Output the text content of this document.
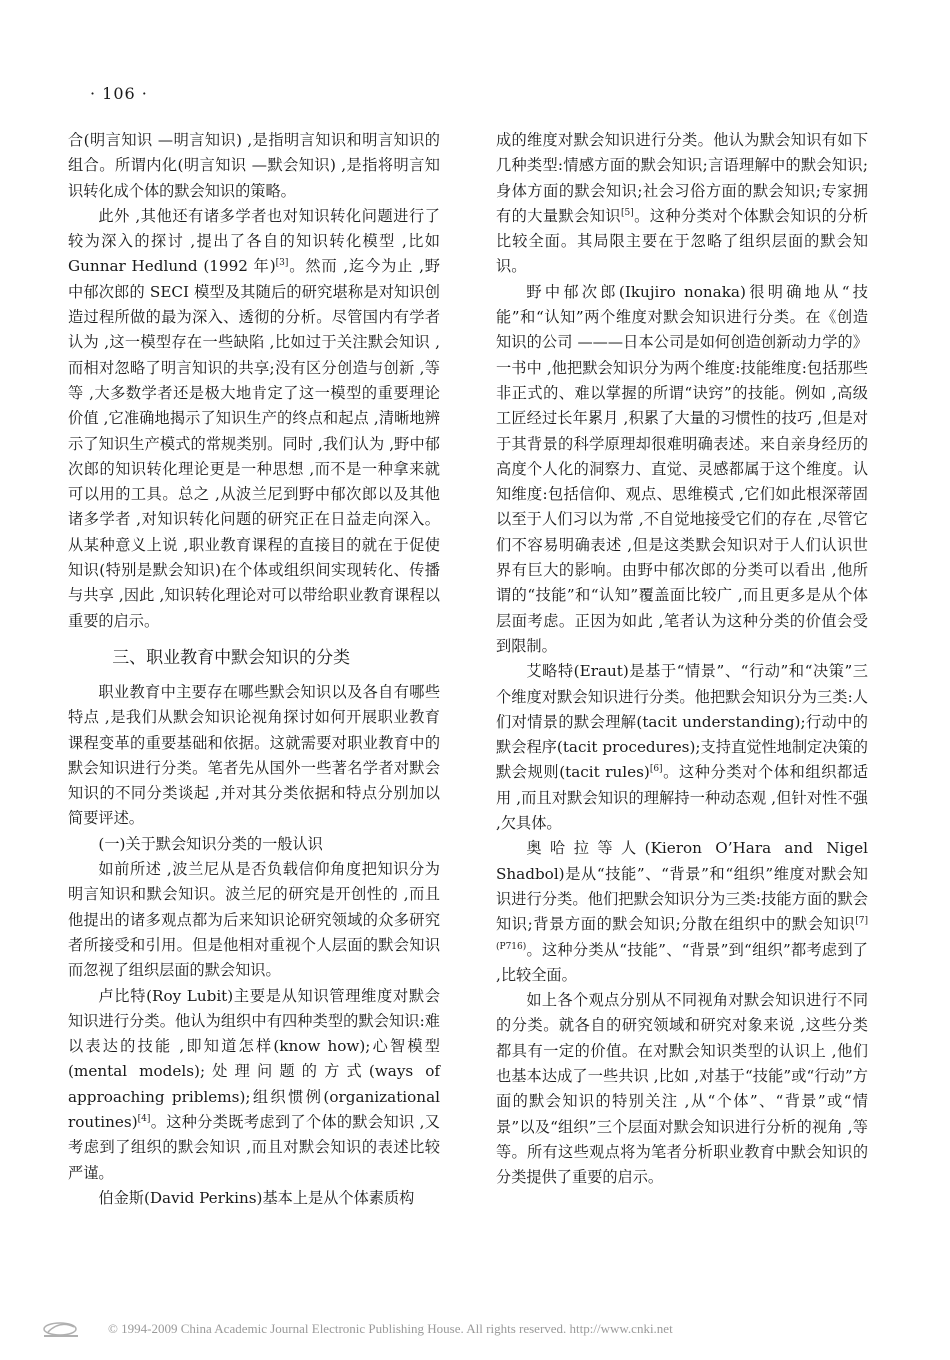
· 106 ·

合(明言知识 —明言知识) ,是指明言知识和明言知识的组合。所谓内化(明言知识 —默会知识) ,是指将明言知识转化成个体的默会知识的策略。

此外 ,其他还有诸多学者也对知识转化问题进行了较为深入的探讨 ,提出了各自的知识转化模型 ,比如 Gunnar Hedlund (1992 年)[3]。然而 ,迄今为止 ,野中郁次郎的 SECI 模型及其随后的研究堪称是对知识创造过程所做的最为深入、透彻的分析。尽管国内有学者认为 ,这一模型存在一些缺陷 ,比如过于关注默会知识 ,而相对忽略了明言知识的共享;没有区分创造与创新 ,等等 ,大多数学者还是极大地肯定了这一模型的重要理论价值 ,它准确地揭示了知识生产的终点和起点 ,清晰地辨示了知识生产模式的常规类别。同时 ,我们认为 ,野中郁次郎的知识转化理论更是一种思想 ,而不是一种拿来就可以用的工具。总之 ,从波兰尼到野中郁次郎以及其他诸多学者 ,对知识转化问题的研究正在日益走向深入。从某种意义上说 ,职业教育课程的直接目的就在于促使知识(特别是默会知识)在个体或组织间实现转化、传播与共享 ,因此 ,知识转化理论对可以带给职业教育课程以重要的启示。

三、职业教育中默会知识的分类

职业教育中主要存在哪些默会知识以及各自有哪些特点 ,是我们从默会知识论视角探讨如何开展职业教育课程变革的重要基础和依据。这就需要对职业教育中的默会知识进行分类。笔者先从国外一些著名学者对默会知识的不同分类谈起 ,并对其分类依据和特点分别加以简要评述。

(一)关于默会知识分类的一般认识

如前所述 ,波兰尼从是否负载信仰角度把知识分为明言知识和默会知识。波兰尼的研究是开创性的 ,而且他提出的诸多观点都为后来知识论研究领域的众多研究者所接受和引用。但是他相对重视个人层面的默会知识而忽视了组织层面的默会知识。

卢比特(Roy Lubit)主要是从知识管理维度对默会知识进行分类。他认为组织中有四种类型的默会知识:难以表达的技能 ,即知道怎样(know how);心智模型(mental models);处理问题的方式(ways of approaching priblems);组织惯例(organizational routines)[4]。这种分类既考虑到了个体的默会知识 ,又考虑到了组织的默会知识 ,而且对默会知识的表述比较严谨。

伯金斯(David Perkins)基本上是从个体素质构

成的维度对默会知识进行分类。他认为默会知识有如下几种类型:情感方面的默会知识;言语理解中的默会知识;身体方面的默会知识;社会习俗方面的默会知识;专家拥有的大量默会知识[5]。这种分类对个体默会知识的分析比较全面。其局限主要在于忽略了组织层面的默会知识。

野中郁次郎(Ikujiro nonaka)很明确地从“技能”和“认知”两个维度对默会知识进行分类。在《创造知识的公司 ———日本公司是如何创造创新动力学的》一书中 ,他把默会知识分为两个维度:技能维度:包括那些非正式的、难以掌握的所谓“诀窍”的技能。例如 ,高级工匠经过长年累月 ,积累了大量的习惯性的技巧 ,但是对于其背景的科学原理却很难明确表述。来自亲身经历的高度个人化的洞察力、直觉、灵感都属于这个维度。认知维度:包括信仰、观点、思维模式 ,它们如此根深蒂固以至于人们习以为常 ,不自觉地接受它们的存在 ,尽管它们不容易明确表述 ,但是这类默会知识对于人们认识世界有巨大的影响。由野中郁次郎的分类可以看出 ,他所谓的“技能”和“认知”覆盖面比较广 ,而且更多是从个体层面考虑。正因为如此 ,笔者认为这种分类的价值会受到限制。

艾略特(Eraut)是基于“情景”、“行动”和“决策”三个维度对默会知识进行分类。他把默会知识分为三类:人们对情景的默会理解(tacit understanding);行动中的默会程序(tacit procedures);支持直觉性地制定决策的默会规则(tacit rules)[6]。这种分类对个体和组织都适用 ,而且对默会知识的理解持一种动态观 ,但针对性不强 ,欠具体。

奥哈拉等人(Kieron O’Hara and Nigel Shadbol)是从“技能”、“背景”和“组织”维度对默会知识进行分类。他们把默会知识分为三类:技能方面的默会知识;背景方面的默会知识;分散在组织中的默会知识$^{[7](P716)}$。这种分类从“技能”、“背景”到“组织”都考虑到了 ,比较全面。

如上各个观点分别从不同视角对默会知识进行不同的分类。就各自的研究领域和研究对象来说 ,这些分类都具有一定的价值。在对默会知识类型的认识上 ,他们也基本达成了一些共识 ,比如 ,对基于“技能”或“行动”方面的默会知识的特别关注 ,从“个体”、“背景”或“情景”以及“组织”三个层面对默会知识进行分析的视角 ,等等。所有这些观点将为笔者分析职业教育中默会知识的分类提供了重要的启示。

© 1994-2009 China Academic Journal Electronic Publishing House. All rights reserved. http://www.cnki.net
